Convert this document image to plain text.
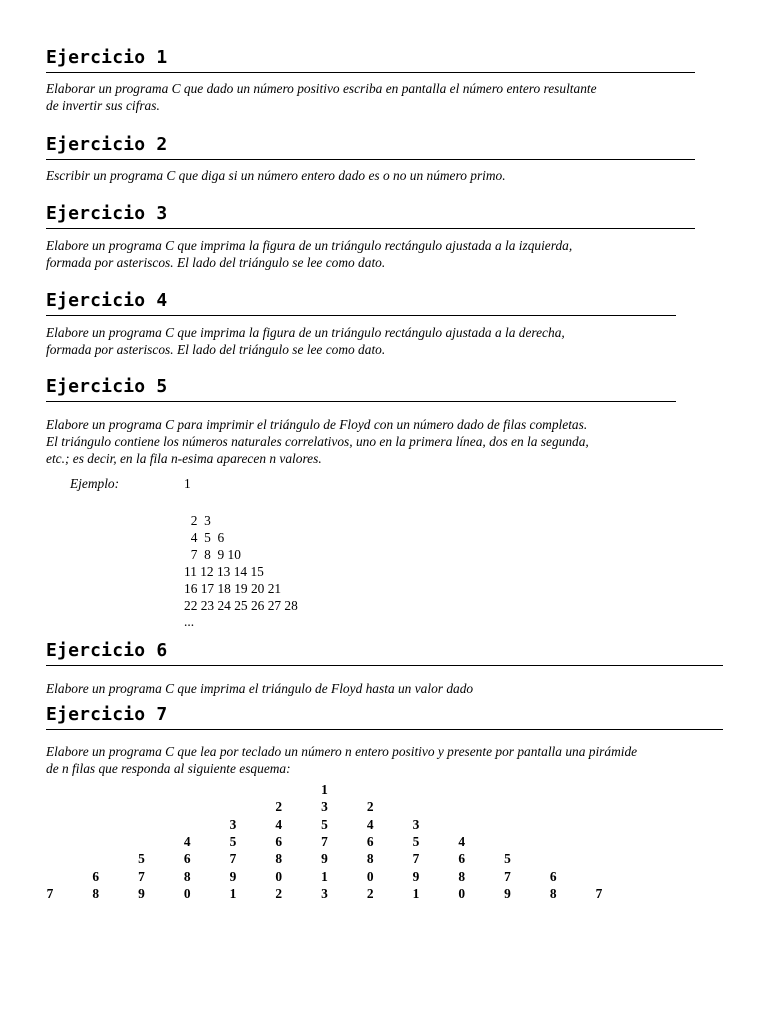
Ejercicio 1
Elaborar un programa C que dado un número positivo escriba en pantalla el número entero resultante
de invertir sus cifras.
Ejercicio 2
Escribir un programa C que diga si un número entero dado es o no un número primo.
Ejercicio 3
Elabore un programa C que imprima la figura de un triángulo rectángulo ajustada a la izquierda,
formada por asteriscos. El lado del triángulo se lee como dato.
Ejercicio 4
Elabore un programa C que imprima la figura de un triángulo rectángulo ajustada a la derecha,
formada por asteriscos. El lado del triángulo se lee como dato.
Ejercicio 5
Elabore un programa C para imprimir el triángulo de Floyd con un número dado de filas completas.
El triángulo contiene los números naturales correlativos, uno en la primera línea, dos en la segunda,
etc.; es decir, en la fila n-esima aparecen n valores.
Ejemplo:	1
2  3
4  5  6
7  8  9 10
11 12 13 14 15
16 17 18 19 20 21
22 23 24 25 26 27 28
...
Ejercicio 6
Elabore un programa C que imprima el triángulo de Floyd hasta un valor dado
Ejercicio 7
Elabore un programa C que lea por teclado un número n entero positivo y presente por pantalla una pirámide
de n filas que responda al siguiente esquema:
1
2	3	2
3	4	5	4	3
4	5	6	7	6	5	4
5	6	7	8	9	8	7	6	5
6	7	8	9	0	1	0	9	8	7	6
7	8	9	0	1	2	3	2	1	0	9	8	7
